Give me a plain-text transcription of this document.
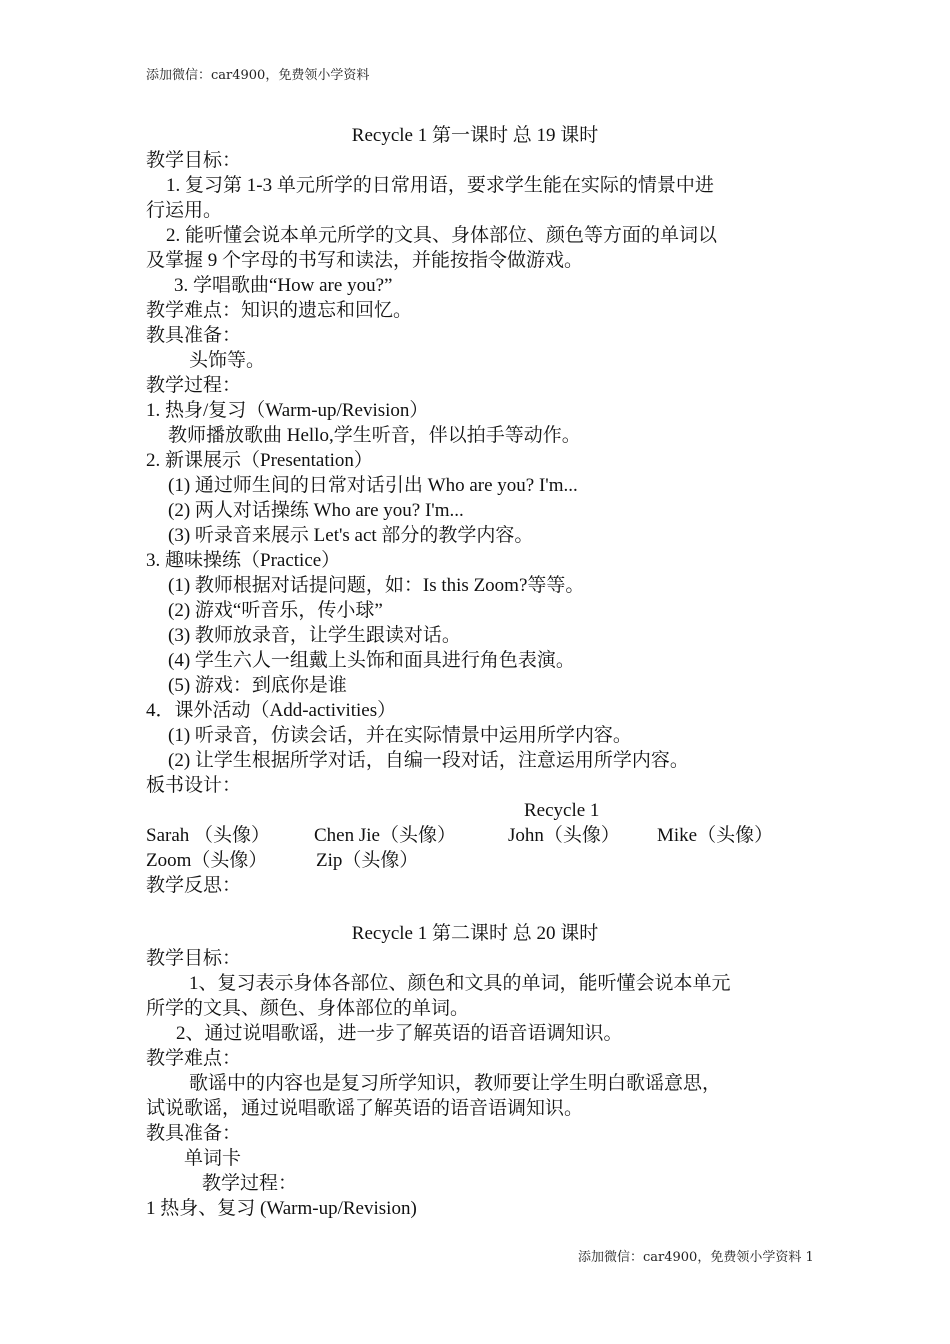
添加微信：car4900，免费领小学资料
Recycle 1 第一课时 总 19 课时
教学目标：
1. 复习第 1-3 单元所学的日常用语，要求学生能在实际的情景中进
行运用。
2. 能听懂会说本单元所学的文具、身体部位、颜色等方面的单词以
及掌握 9 个字母的书写和读法，并能按指令做游戏。
3. 学唱歌曲“How are you?”
教学难点：知识的遗忘和回忆。
教具准备：
头饰等。
教学过程：
1. 热身/复习（Warm-up/Revision）
教师播放歌曲 Hello,学生听音，伴以拍手等动作。
2. 新课展示（Presentation）
(1) 通过师生间的日常对话引出 Who are you? I'm...
(2) 两人对话操练 Who are you? I'm...
(3) 听录音来展示 Let's act 部分的教学内容。
3. 趣味操练（Practice）
(1) 教师根据对话提问题，如：Is this Zoom?等等。
(2) 游戏“听音乐，传小球”
(3) 教师放录音，让学生跟读对话。
(4) 学生六人一组戴上头饰和面具进行角色表演。
(5) 游戏：到底你是谁
4．课外活动（Add-activities）
(1) 听录音，仿读会话，并在实际情景中运用所学内容。
(2) 让学生根据所学对话，自编一段对话，注意运用所学内容。
板书设计：
Recycle 1
Sarah （头像） Chen Jie（头像）	John（头像） Mike（头像）
Zoom（头像）	Zip（头像）
教学反思：
Recycle 1 第二课时 总 20 课时
教学目标：
1、复习表示身体各部位、颜色和文具的单词，能听懂会说本单元
所学的文具、颜色、身体部位的单词。
2、通过说唱歌谣，进一步了解英语的语音语调知识。
教学难点：
歌谣中的内容也是复习所学知识，教师要让学生明白歌谣意思，
试说歌谣，通过说唱歌谣了解英语的语音语调知识。
教具准备：
单词卡
教学过程：
1 热身、复习 (Warm-up/Revision)
添加微信：car4900，免费领小学资料 1
